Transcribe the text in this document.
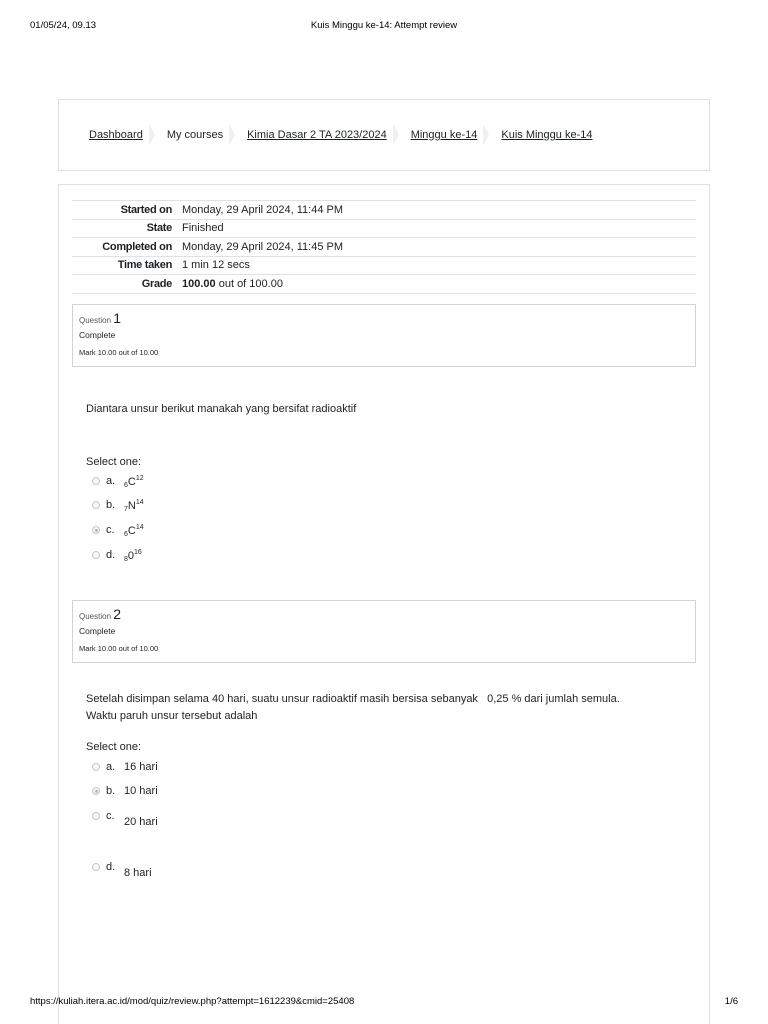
01/05/24, 09.13	Kuis Minggu ke-14: Attempt review
Dashboard My courses Kimia Dasar 2 TA 2023/2024 Minggu ke-14 Kuis Minggu ke-14
Started on	Monday, 29 April 2024, 11:44 PM
State	Finished
Completed on	Monday, 29 April 2024, 11:45 PM
Time taken	1 min 12 secs
Grade	100.00 out of 100.00
Question 1
Complete
Mark 10.00 out of 10.00
Diantara unsur berikut manakah yang bersifat radioaktif
Select one:
a.	$_6C^{12}$
b.	$_7N^{14}$
c.	$_6C^{14}$
d.	$_80^{16}$
Question 2
Complete
Mark 10.00 out of 10.00
Setelah disimpan selama 40 hari, suatu unsur radioaktif masih bersisa sebanyak   0,25 % dari jumlah semula.
Waktu paruh unsur tersebut adalah
Select one:
a. 16 hari
b. 10 hari
c. 20 hari
d. 8 hari
https://kuliah.itera.ac.id/mod/quiz/review.php?attempt=1612239&cmid=25408	1/6
